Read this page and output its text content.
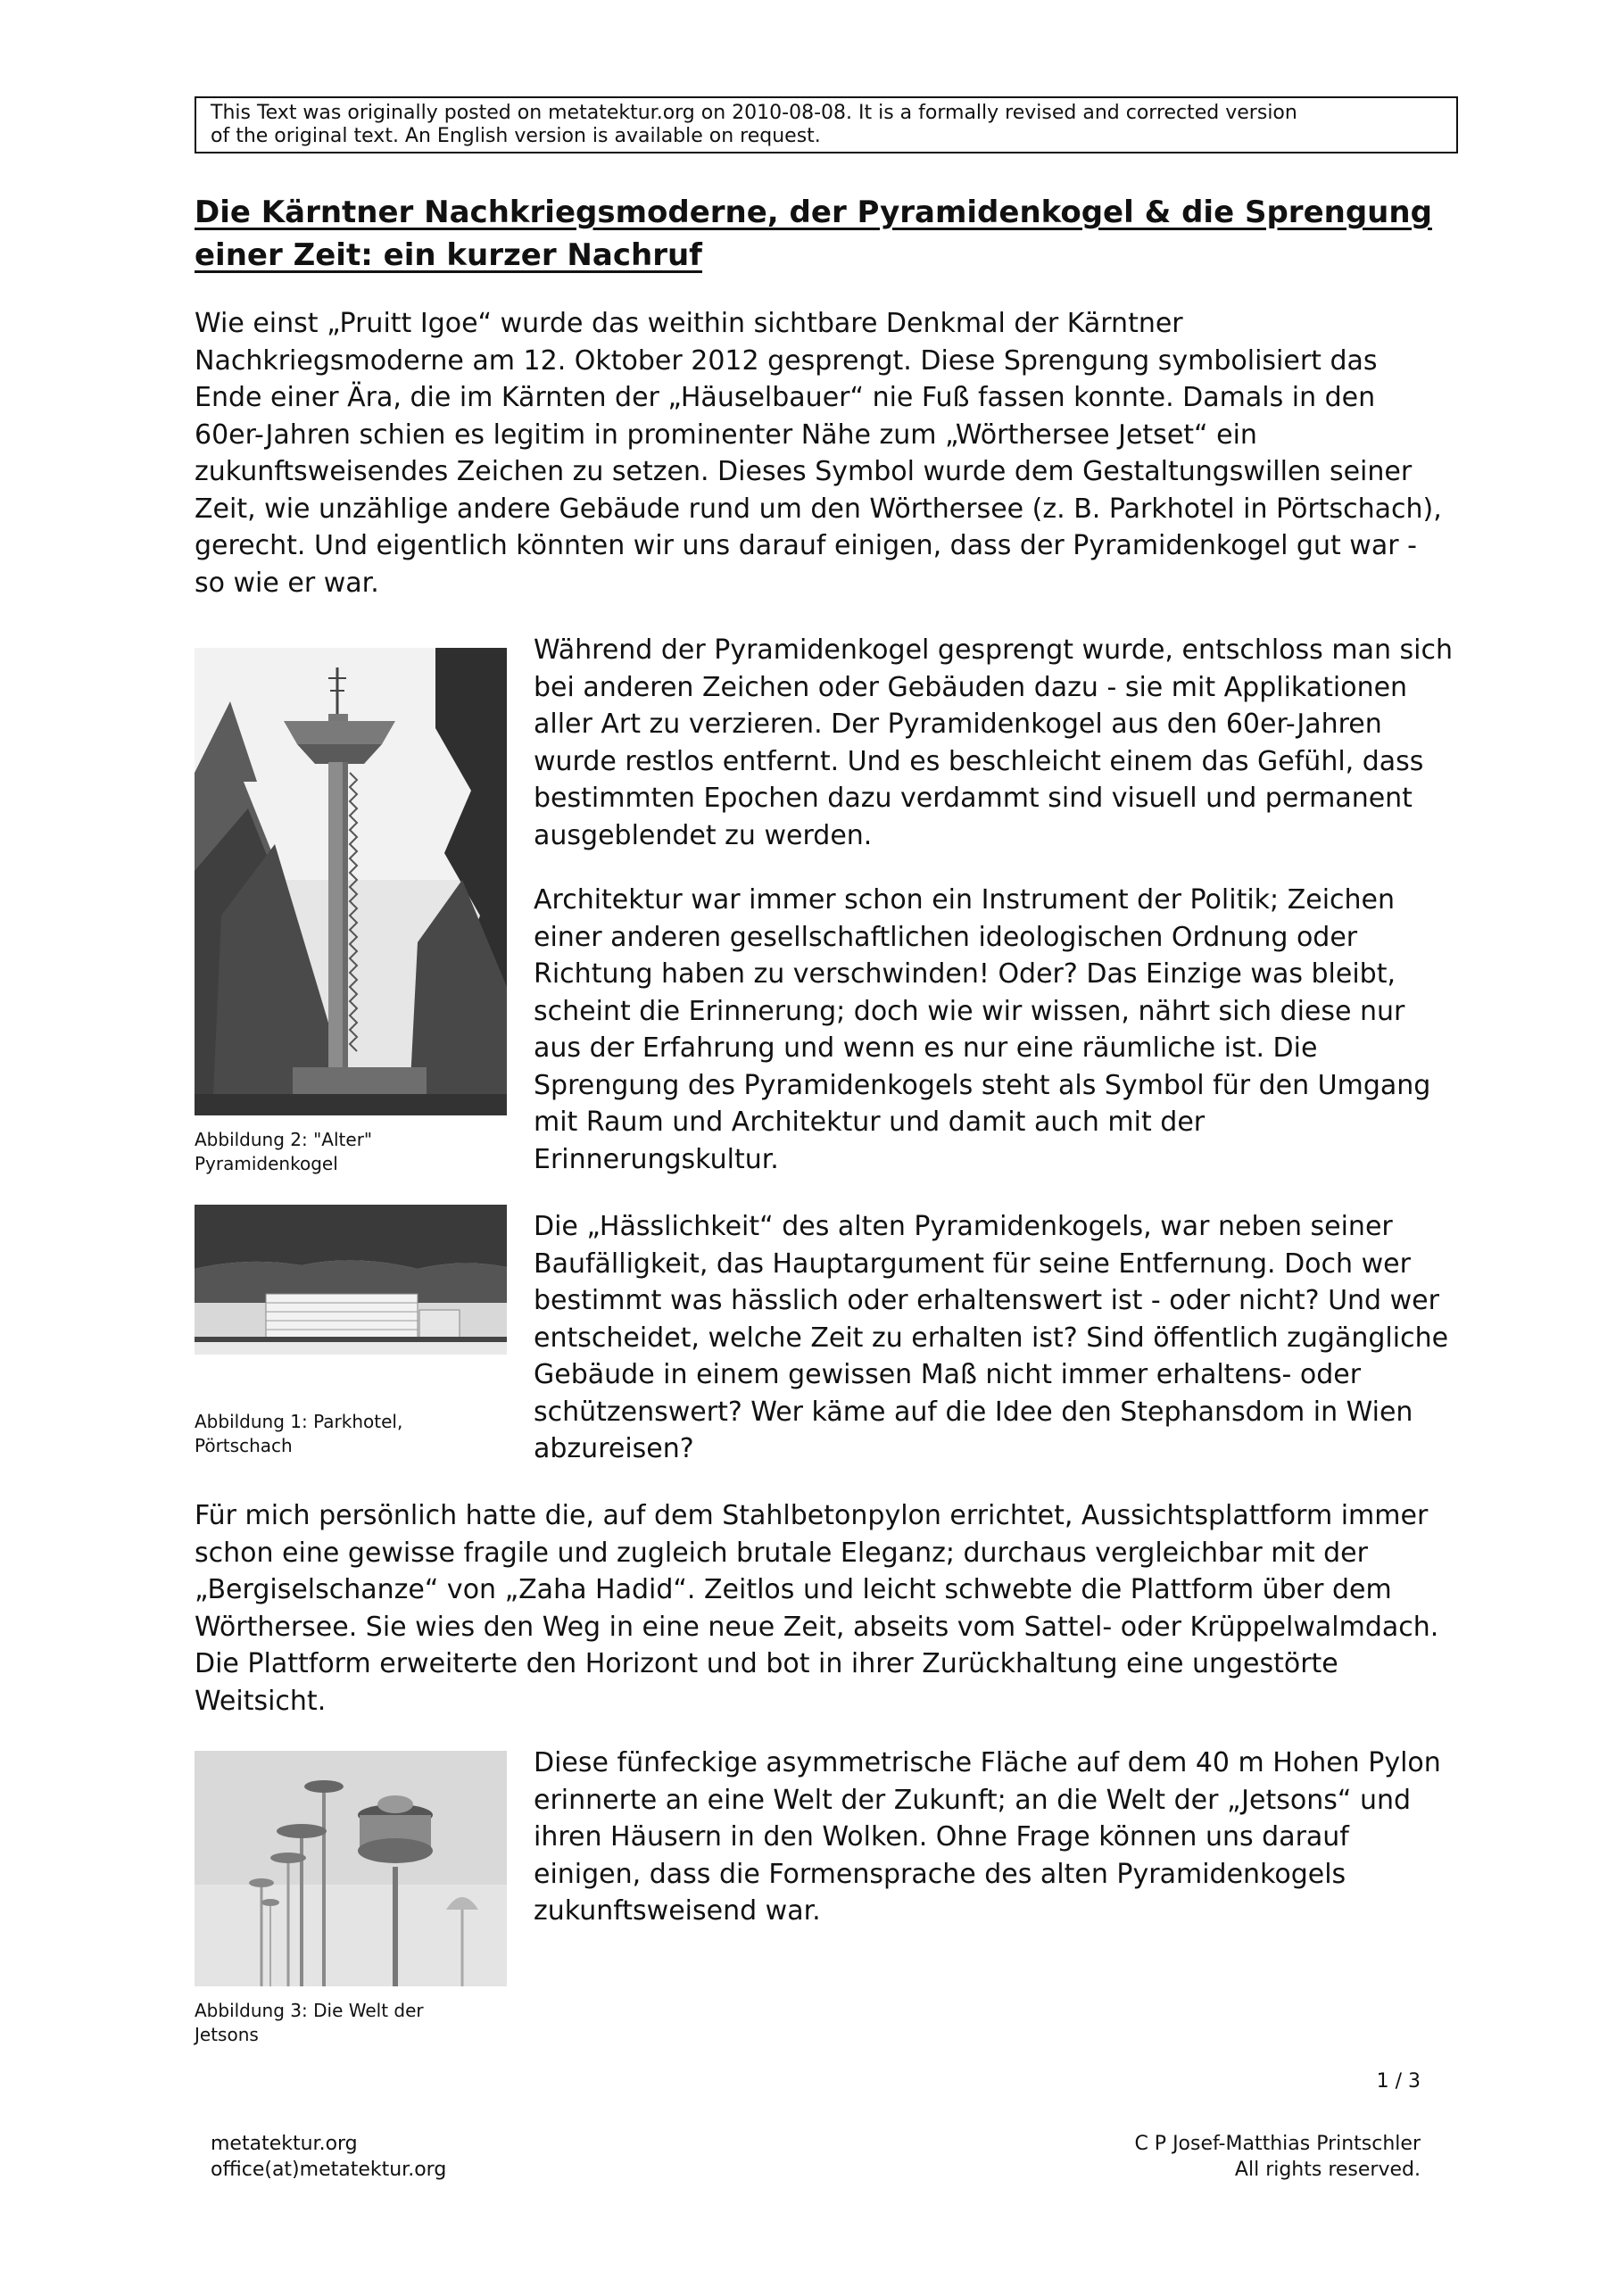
This Text was originally posted on metatektur.org on 2010-08-08. It is a formally revised and corrected version
of the original text. An English version is available on request.
Die Kärntner Nachkriegsmoderne, der Pyramidenkogel & die Sprengung
einer Zeit: ein kurzer Nachruf

Wie einst „Pruitt Igoe“ wurde das weithin sichtbare Denkmal der Kärntner Nachkriegsmoderne am 12. Oktober 2012 gesprengt. Diese Sprengung symbolisiert das Ende einer Ära, die im Kärnten der „Häuselbauer“ nie Fuß fassen konnte. Damals in den 60er-Jahren schien es legitim in prominenter Nähe zum „Wörthersee Jetset“ ein zukunftsweisendes Zeichen zu setzen. Dieses Symbol wurde dem Gestaltungswillen seiner Zeit, wie unzählige andere Gebäude rund um den Wörthersee (z. B. Parkhotel in Pörtschach), gerecht. Und eigentlich könnten wir uns darauf einigen, dass der Pyramidenkogel gut war - so wie er war.

Abbildung 2: "Alter"
Pyramidenkogel

Während der Pyramidenkogel gesprengt wurde, entschloss man sich bei anderen Zeichen oder Gebäuden dazu - sie mit Applikationen aller Art zu verzieren. Der Pyramidenkogel aus den 60er-Jahren wurde restlos entfernt. Und es beschleicht einem das Gefühl, dass bestimmten Epochen dazu verdammt sind visuell und permanent ausgeblendet zu werden.

Architektur war immer schon ein Instrument der Politik; Zeichen einer anderen gesellschaftlichen ideologischen Ordnung oder Richtung haben zu verschwinden! Oder? Das Einzige was bleibt, scheint die Erinnerung; doch wie wir wissen, nährt sich diese nur aus der Erfahrung und wenn es nur eine räumliche ist. Die Sprengung des Pyramidenkogels steht als Symbol für den Umgang mit Raum und Architektur und damit auch mit der Erinnerungskultur.

Abbildung 1: Parkhotel,
Pörtschach

Die „Hässlichkeit“ des alten Pyramidenkogels, war neben seiner Baufälligkeit, das Hauptargument für seine Entfernung. Doch wer bestimmt was hässlich oder erhaltenswert ist - oder nicht? Und wer entscheidet, welche Zeit zu erhalten ist? Sind öffentlich zugängliche Gebäude in einem gewissen Maß nicht immer erhaltens- oder schützenswert? Wer käme auf die Idee den Stephansdom in Wien abzureisen?

Für mich persönlich hatte die, auf dem Stahlbetonpylon errichtet, Aussichtsplattform immer schon eine gewisse fragile und zugleich brutale Eleganz; durchaus vergleichbar mit der „Bergiselschanze“ von „Zaha Hadid“. Zeitlos und leicht schwebte die Plattform über dem Wörthersee. Sie wies den Weg in eine neue Zeit, abseits vom Sattel- oder Krüppelwalmdach. Die Plattform erweiterte den Horizont und bot in ihrer Zurückhaltung eine ungestörte Weitsicht.

Abbildung 3: Die Welt der
Jetsons

Diese fünfeckige asymmetrische Fläche auf dem 40 m Hohen Pylon erinnerte an eine Welt der Zukunft; an die Welt der „Jetsons“ und ihren Häusern in den Wolken. Ohne Frage können uns darauf einigen, dass die Formensprache des alten Pyramidenkogels zukunftsweisend war.

1 / 3
metatektur.org
office(at)metatektur.org
C P Josef-Matthias Printschler
All rights reserved.
